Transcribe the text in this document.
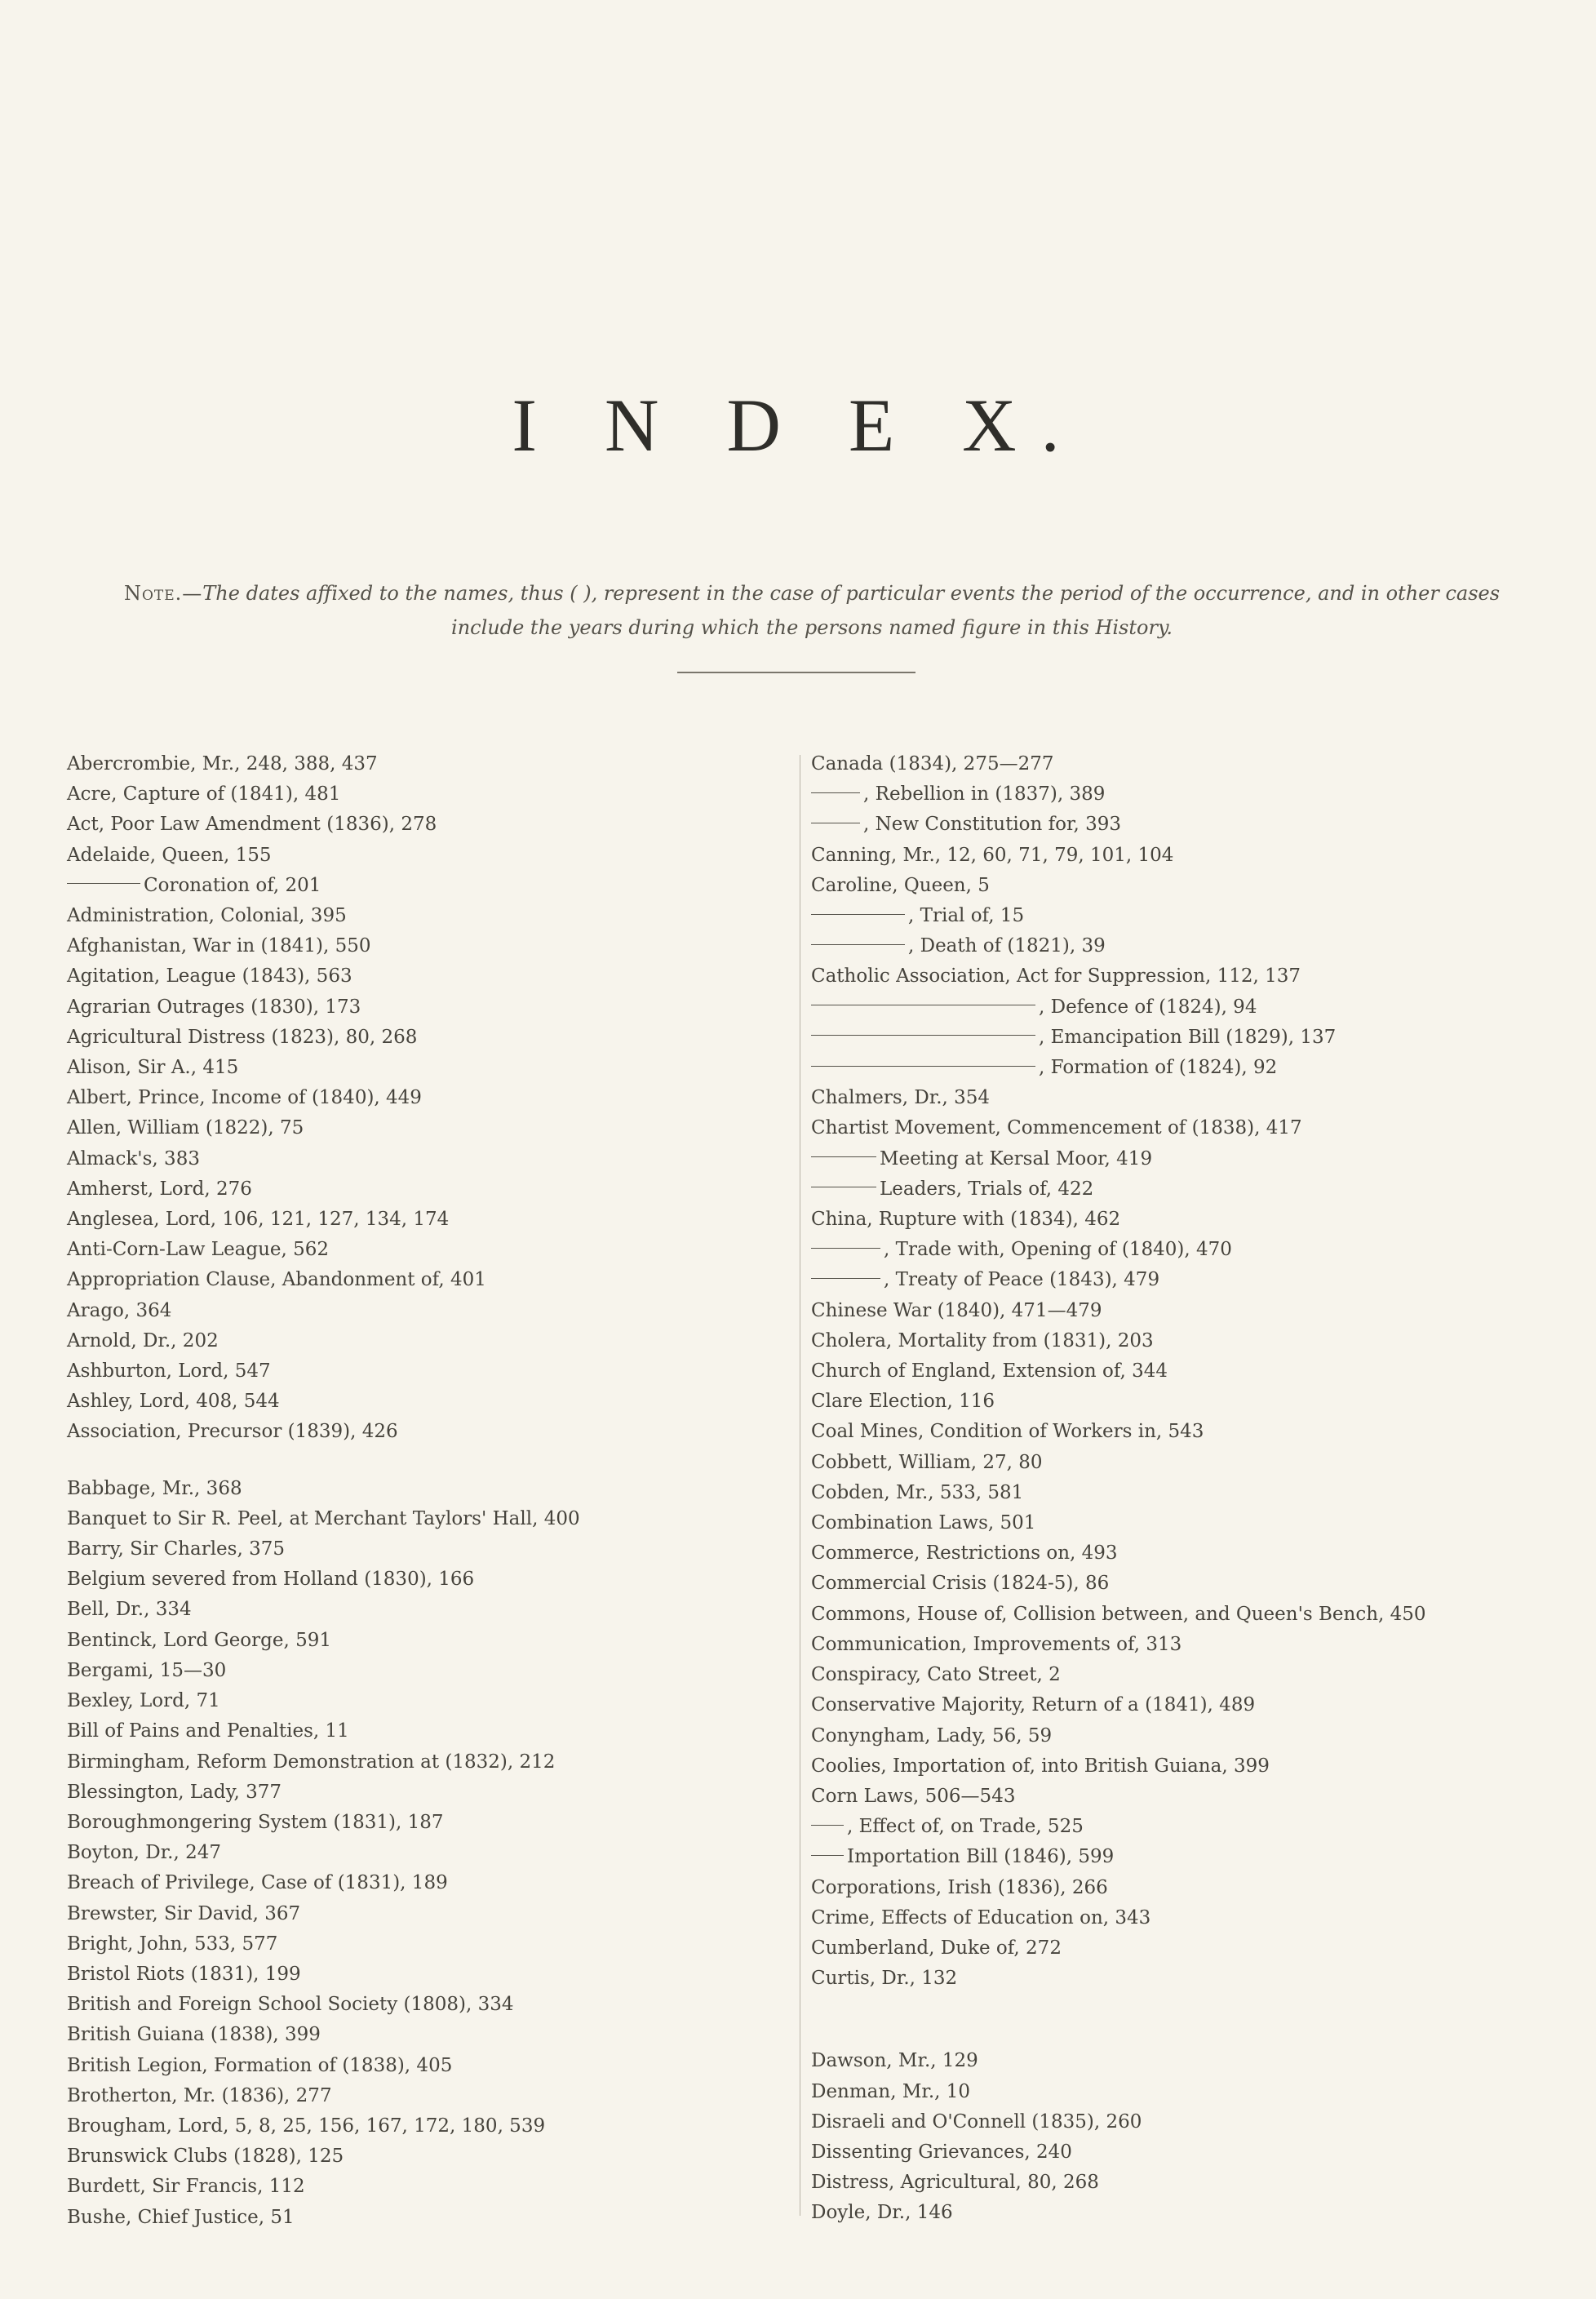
I N D E X.
Note.—The dates affixed to the names, thus ( ), represent in the case of particular events the period of the occurrence, and in other cases include the years during which the persons named figure in this History.
Abercrombie, Mr., 248, 388, 437
Acre, Capture of (1841), 481
Act, Poor Law Amendment (1836), 278
Adelaide, Queen, 155
Coronation of, 201
Administration, Colonial, 395
Afghanistan, War in (1841), 550
Agitation, League (1843), 563
Agrarian Outrages (1830), 173
Agricultural Distress (1823), 80, 268
Alison, Sir A., 415
Albert, Prince, Income of (1840), 449
Allen, William (1822), 75
Almack's, 383
Amherst, Lord, 276
Anglesea, Lord, 106, 121, 127, 134, 174
Anti-Corn-Law League, 562
Appropriation Clause, Abandonment of, 401
Arago, 364
Arnold, Dr., 202
Ashburton, Lord, 547
Ashley, Lord, 408, 544
Association, Precursor (1839), 426
Babbage, Mr., 368
Banquet to Sir R. Peel, at Merchant Taylors' Hall, 400
Barry, Sir Charles, 375
Belgium severed from Holland (1830), 166
Bell, Dr., 334
Bentinck, Lord George, 591
Bergami, 15—30
Bexley, Lord, 71
Bill of Pains and Penalties, 11
Birmingham, Reform Demonstration at (1832), 212
Blessington, Lady, 377
Boroughmongering System (1831), 187
Boyton, Dr., 247
Breach of Privilege, Case of (1831), 189
Brewster, Sir David, 367
Bright, John, 533, 577
Bristol Riots (1831), 199
British and Foreign School Society (1808), 334
British Guiana (1838), 399
British Legion, Formation of (1838), 405
Brotherton, Mr. (1836), 277
Brougham, Lord, 5, 8, 25, 156, 167, 172, 180, 539
Brunswick Clubs (1828), 125
Burdett, Sir Francis, 112
Bushe, Chief Justice, 51
Canada (1834), 275—277
, Rebellion in (1837), 389
, New Constitution for, 393
Canning, Mr., 12, 60, 71, 79, 101, 104
Caroline, Queen, 5
, Trial of, 15
, Death of (1821), 39
Catholic Association, Act for Suppression, 112, 137
, Defence of (1824), 94
, Emancipation Bill (1829), 137
, Formation of (1824), 92
Chalmers, Dr., 354
Chartist Movement, Commencement of (1838), 417
Meeting at Kersal Moor, 419
Leaders, Trials of, 422
China, Rupture with (1834), 462
, Trade with, Opening of (1840), 470
, Treaty of Peace (1843), 479
Chinese War (1840), 471—479
Cholera, Mortality from (1831), 203
Church of England, Extension of, 344
Clare Election, 116
Coal Mines, Condition of Workers in, 543
Cobbett, William, 27, 80
Cobden, Mr., 533, 581
Combination Laws, 501
Commerce, Restrictions on, 493
Commercial Crisis (1824-5), 86
Commons, House of, Collision between, and Queen's Bench, 450
Communication, Improvements of, 313
Conspiracy, Cato Street, 2
Conservative Majority, Return of a (1841), 489
Conyngham, Lady, 56, 59
Coolies, Importation of, into British Guiana, 399
Corn Laws, 506—543
, Effect of, on Trade, 525
Importation Bill (1846), 599
Corporations, Irish (1836), 266
Crime, Effects of Education on, 343
Cumberland, Duke of, 272
Curtis, Dr., 132
Dawson, Mr., 129
Denman, Mr., 10
Disraeli and O'Connell (1835), 260
Dissenting Grievances, 240
Distress, Agricultural, 80, 268
Doyle, Dr., 146
